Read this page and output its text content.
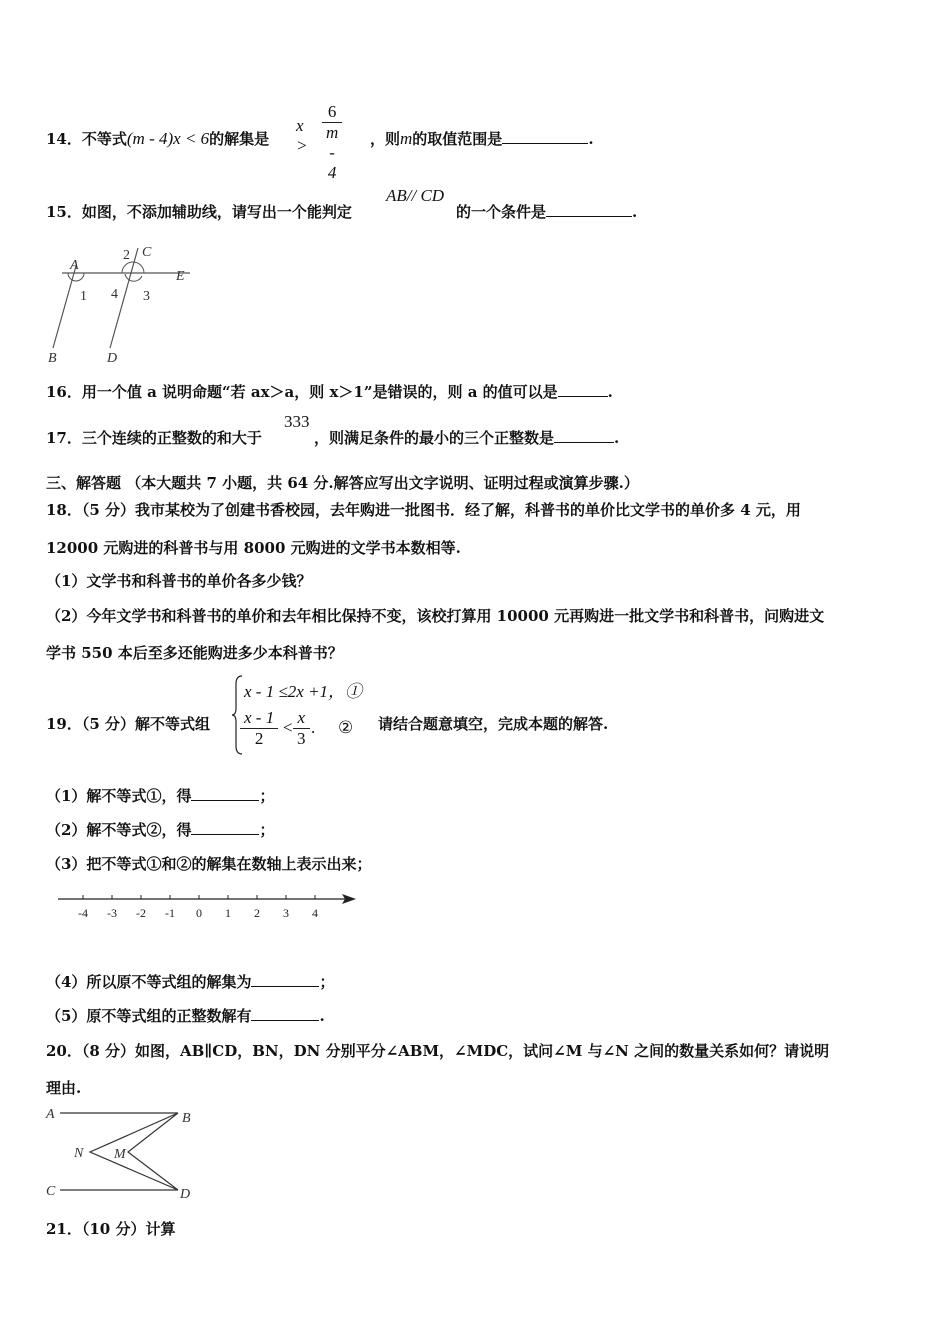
14．不等式(m - 4)x < 6的解集是
$x > \frac{6}{m - 4}$ ，则m的取值范围是	.
15．如图，不添加辅助线，请写出一个能判定
AB// CD
的一个条件是	.
A
C
E
B	D
1
2
3
4
16．用一个值 a 说明命题“若 ax＞a，则 x＞1”是错误的，则 a 的值可以是	.
17．三个连续的正整数的和大于
333
，则满足条件的最小的三个正整数是	.
三、解答题 （本大题共 7 小题，共 64 分.解答应写出文字说明、证明过程或演算步骤.）
18．（5 分）我市某校为了创建书香校园，去年购进一批图书．经了解，科普书的单价比文学书的单价多 4 元，用
12000 元购进的科普书与用 8000 元购进的文学书本数相等.
（1）文学书和科普书的单价各多少钱？
（2）今年文学书和科普书的单价和去年相比保持不变，该校打算用 10000 元再购进一批文学书和科普书，问购进文
学书 550 本后至多还能购进多少本科普书？
19．（5 分）解不等式组
x - 1 ≤2x +1，①
$\frac{x - 1}{2} < \frac{x}{3}$ . ② 请结合题意填空，完成本题的解答.
（1）解不等式①，得	；
（2）解不等式②，得	；
（3）把不等式①和②的解集在数轴上表示出来；
-4 -3 -2 -1 0 1 2 3 4
（4）所以原不等式组的解集为	；
（5）原不等式组的正整数解有	.
20．（8 分）如图，AB∥CD，BN，DN 分别平分∠ABM，∠MDC，试问∠M 与∠N 之间的数量关系如何？请说明
理由.
A	B
C	D
N M
21．（10 分）计算
